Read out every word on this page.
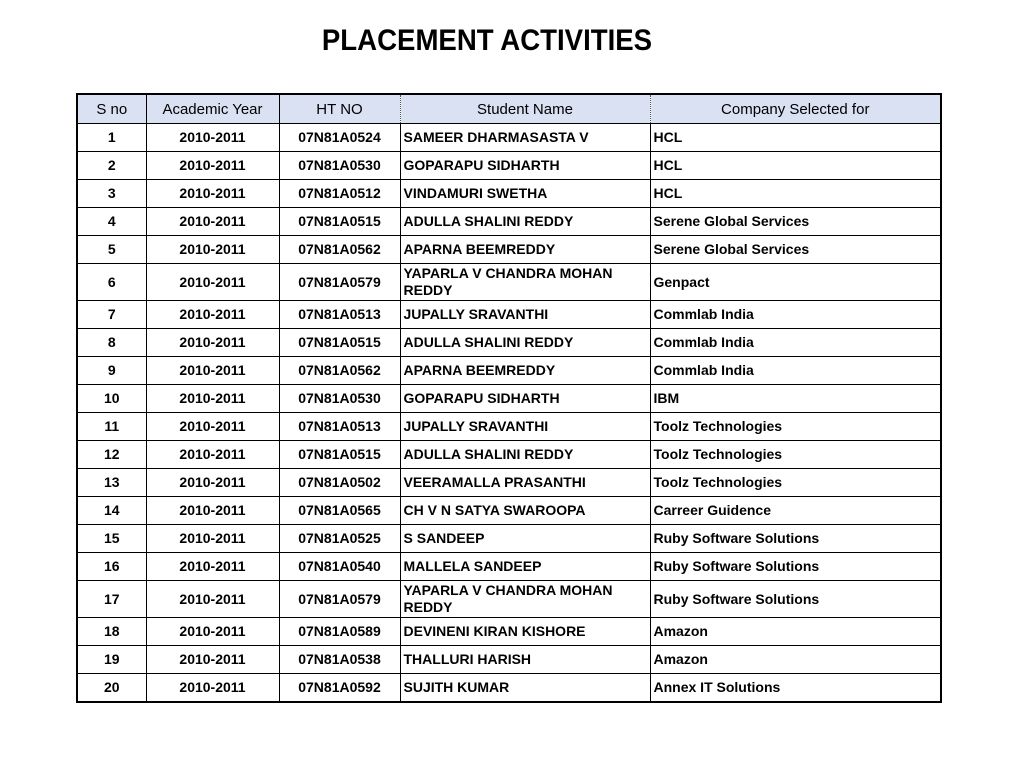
PLACEMENT ACTIVITIES
S no	Academic Year	HT NO	Student Name	Company Selected for
1	2010-2011	07N81A0524	SAMEER DHARMASASTA V	HCL
2	2010-2011	07N81A0530	GOPARAPU SIDHARTH	HCL
3	2010-2011	07N81A0512	VINDAMURI SWETHA	HCL
4	2010-2011	07N81A0515	ADULLA SHALINI REDDY	Serene Global Services
5	2010-2011	07N81A0562	APARNA BEEMREDDY	Serene Global Services
6	2010-2011	07N81A0579	YAPARLA V CHANDRA MOHAN REDDY	Genpact
7	2010-2011	07N81A0513	JUPALLY SRAVANTHI	Commlab India
8	2010-2011	07N81A0515	ADULLA SHALINI REDDY	Commlab India
9	2010-2011	07N81A0562	APARNA BEEMREDDY	Commlab India
10	2010-2011	07N81A0530	GOPARAPU SIDHARTH	IBM
11	2010-2011	07N81A0513	JUPALLY SRAVANTHI	Toolz Technologies
12	2010-2011	07N81A0515	ADULLA SHALINI REDDY	Toolz Technologies
13	2010-2011	07N81A0502	VEERAMALLA PRASANTHI	Toolz Technologies
14	2010-2011	07N81A0565	CH V N SATYA SWAROOPA	Carreer Guidence
15	2010-2011	07N81A0525	S SANDEEP	Ruby Software Solutions
16	2010-2011	07N81A0540	MALLELA SANDEEP	Ruby Software Solutions
17	2010-2011	07N81A0579	YAPARLA V CHANDRA MOHAN REDDY	Ruby Software Solutions
18	2010-2011	07N81A0589	DEVINENI KIRAN KISHORE	Amazon
19	2010-2011	07N81A0538	THALLURI HARISH	Amazon
20	2010-2011	07N81A0592	SUJITH KUMAR	Annex IT Solutions
